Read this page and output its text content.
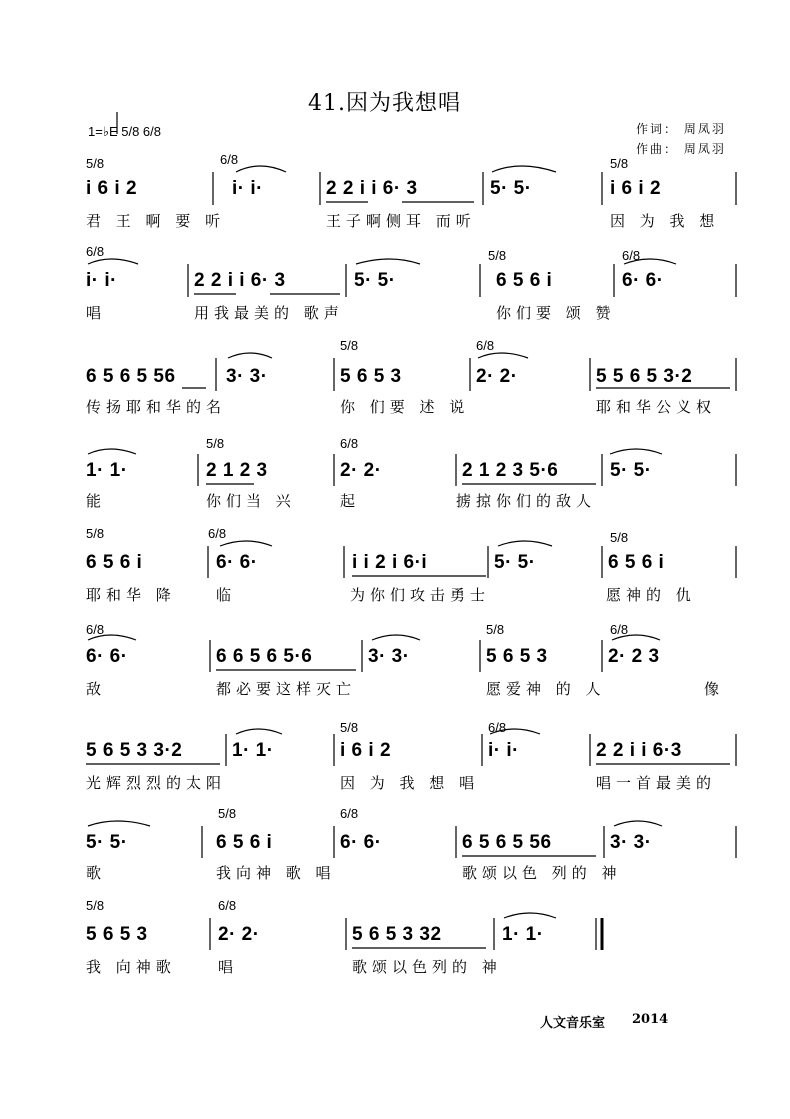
41.因为我想唱
1=♭E 5/8 6/8	作词： 周凤羽
作曲： 周凤羽
5/8	6/8	5/8
i 6 i 2	i· i·	2 2 i i 6· 3	5· 5·	i 6 i 2
君 王 啊 要 听	王子啊侧耳 而听	因 为 我 想
6/8	5/8	6/8
i· i·	2 2 i i 6· 3	5· 5·	6 5 6 i	6· 6·
唱	用我最美的 歌声	你们要 颂 赞
5/8	6/8
6 5 6 5 56	3· 3·	5 6 5 3	2· 2·	5 5 6 5 3·2
传扬耶和华的名	你 们要 述 说	耶和华公义权
5/8	6/8
1· 1·	2 1 2 3	2· 2·	2 1 2 3 5·6	5· 5·
能	你们当 兴	起	掳掠你们的敌人
5/8	6/8	5/8
6 5 6 i	6· 6·	i i 2 i 6·i	5· 5·	6 5 6 i
耶和华 降	临	为你们攻击勇士	愿神的 仇
6/8	5/8	6/8
6· 6·	6 6 5 6 5·6	3· 3·	5 6 5 3	2· 2 3
敌	都必要这样灭亡	愿爱神 的 人	像
5/8	6/8
5 6 5 3 3·2	1· 1·	i 6 i 2	i· i·	2 2 i i 6·3
光辉烈烈的太阳	因 为 我 想 唱	唱一首最美的
5/8	6/8
5· 5·	6 5 6 i	6· 6·	6 5 6 5 56	3· 3·
歌	我向神 歌 唱	歌颂以色 列的 神
5/8	6/8
5 6 5 3	2· 2·	5 6 5 3 32	1· 1·
我 向神歌	唱	歌颂以色列的 神
人文音乐室 2014
